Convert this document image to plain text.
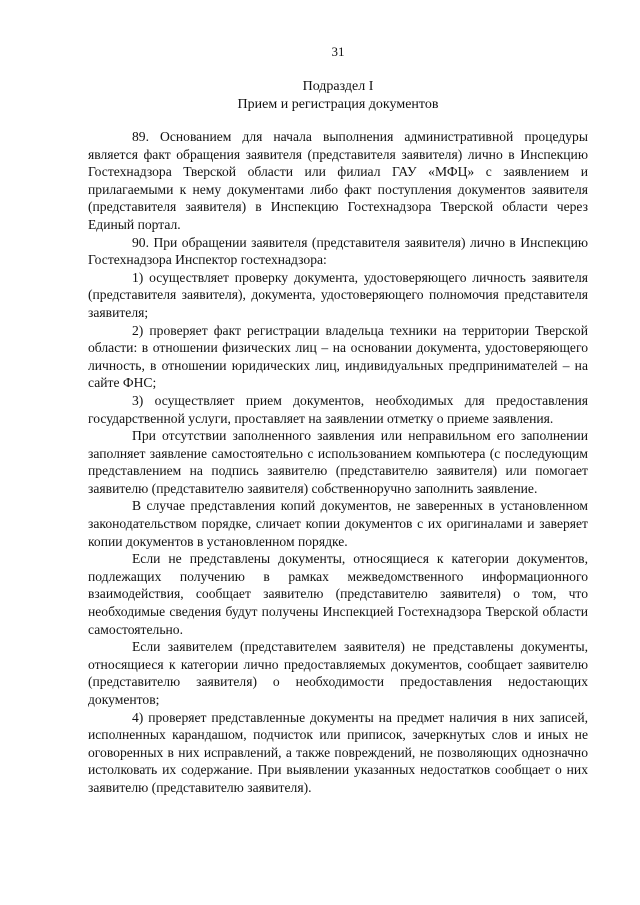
31
Подраздел I
Прием и регистрация документов

89. Основанием для начала выполнения административной процедуры является факт обращения заявителя (представителя заявителя) лично в Инспекцию Гостехнадзора Тверской области или филиал ГАУ «МФЦ» с заявлением и прилагаемыми к нему документами либо факт поступления документов заявителя (представителя заявителя) в Инспекцию Гостехнадзора Тверской области через Единый портал.

90. При обращении заявителя (представителя заявителя) лично в Инспекцию Гостехнадзора Инспектор гостехнадзора:

1) осуществляет проверку документа, удостоверяющего личность заявителя (представителя заявителя), документа, удостоверяющего полномочия представителя заявителя;

2) проверяет факт регистрации владельца техники на территории Тверской области: в отношении физических лиц – на основании документа, удостоверяющего личность, в отношении юридических лиц, индивидуальных предпринимателей – на сайте ФНС;

3) осуществляет прием документов, необходимых для предоставления государственной услуги, проставляет на заявлении отметку о приеме заявления.

При отсутствии заполненного заявления или неправильном его заполнении заполняет заявление самостоятельно с использованием компьютера (с последующим представлением на подпись заявителю (представителю заявителя) или помогает заявителю (представителю заявителя) собственноручно заполнить заявление.

В случае представления копий документов, не заверенных в установленном законодательством порядке, сличает копии документов с их оригиналами и заверяет копии документов в установленном порядке.

Если не представлены документы, относящиеся к категории документов, подлежащих получению в рамках межведомственного информационного взаимодействия, сообщает заявителю (представителю заявителя) о том, что необходимые сведения будут получены Инспекцией Гостехнадзора Тверской области самостоятельно.

Если заявителем (представителем заявителя) не представлены документы, относящиеся к категории лично предоставляемых документов, сообщает заявителю (представителю заявителя) о необходимости предоставления недостающих документов;

4) проверяет представленные документы на предмет наличия в них записей, исполненных карандашом, подчисток или приписок, зачеркнутых слов и иных не оговоренных в них исправлений, а также повреждений, не позволяющих однозначно истолковать их содержание. При выявлении указанных недостатков сообщает о них заявителю (представителю заявителя).
